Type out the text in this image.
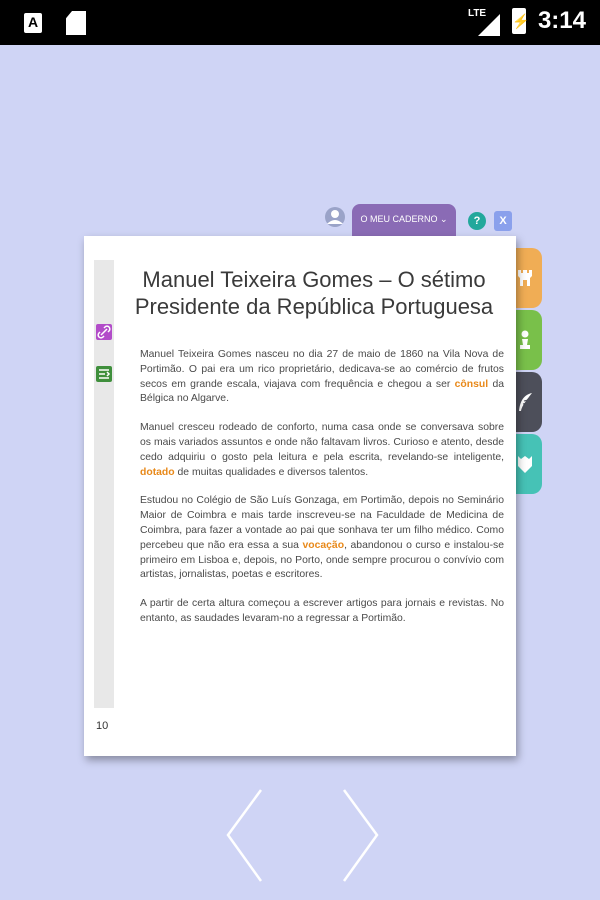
A
LTE ⚡ 3:14
O MEU CADERNO ⌄	?	X
10
Manuel Teixeira Gomes – O sétimo Presidente da República Portuguesa

Manuel Teixeira Gomes nasceu no dia 27 de maio de 1860 na Vila Nova de Portimão. O pai era um rico proprietário, dedicava-se ao comércio de frutos secos em grande escala, viajava com frequência e chegou a ser cônsul da Bélgica no Algarve.

Manuel cresceu rodeado de conforto, numa casa onde se conversava sobre os mais variados assuntos e onde não faltavam livros. Curioso e atento, desde cedo adquiriu o gosto pela leitura e pela escrita, revelando-se inteligente, dotado de muitas qualidades e diversos talentos.

Estudou no Colégio de São Luís Gonzaga, em Portimão, depois no Seminário Maior de Coimbra e mais tarde inscreveu-se na Faculdade de Medicina de Coimbra, para fazer a vontade ao pai que sonhava ter um filho médico. Como percebeu que não era essa a sua vocação, abandonou o curso e instalou-se primeiro em Lisboa e, depois, no Porto, onde sempre procurou o convívio com artistas, jornalistas, poetas e escritores.

A partir de certa altura começou a escrever artigos para jornais e revistas. No entanto, as saudades levaram-no a regressar a Portimão.
